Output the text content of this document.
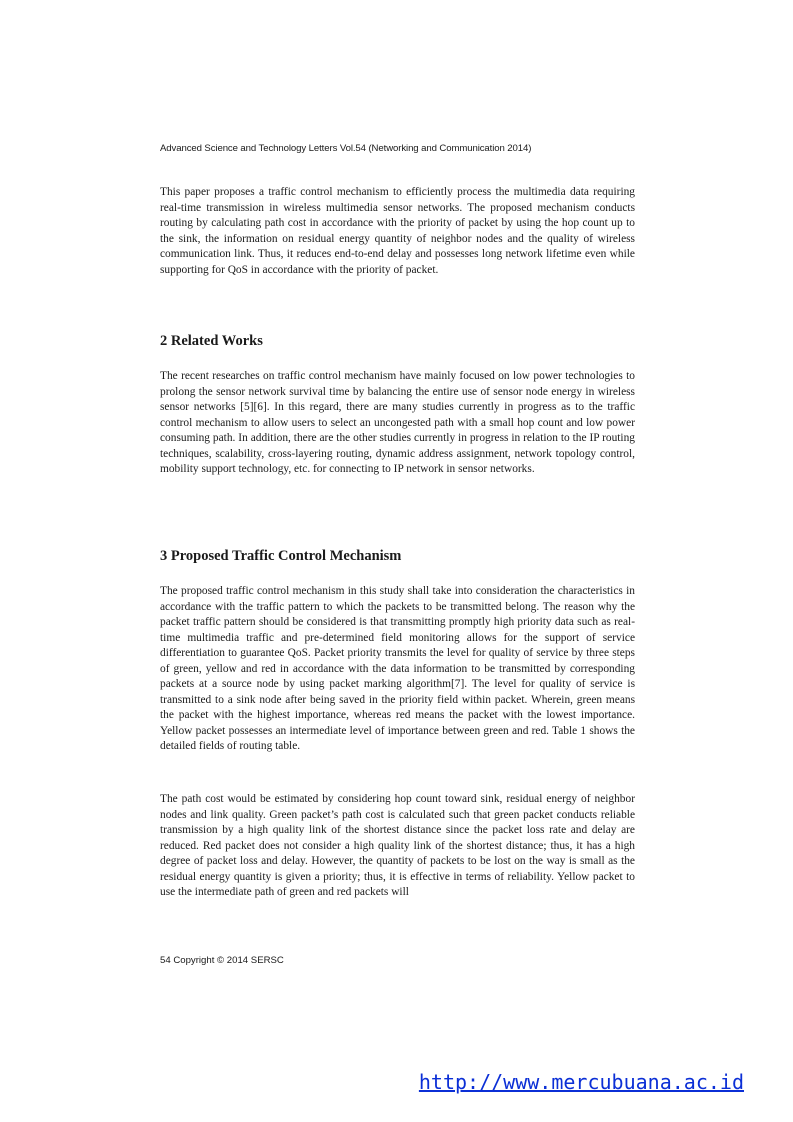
Advanced Science and Technology Letters Vol.54 (Networking and Communication 2014)

This paper proposes a traffic control mechanism to efficiently process the multimedia data requiring real-time transmission in wireless multimedia sensor networks. The proposed mechanism conducts routing by calculating path cost in accordance with the priority of packet by using the hop count up to the sink, the information on residual energy quantity of neighbor nodes and the quality of wireless communication link. Thus, it reduces end-to-end delay and possesses long network lifetime even while supporting for QoS in accordance with the priority of packet.

2 Related Works

The recent researches on traffic control mechanism have mainly focused on low power technologies to prolong the sensor network survival time by balancing the entire use of sensor node energy in wireless sensor networks [5][6]. In this regard, there are many studies currently in progress as to the traffic control mechanism to allow users to select an uncongested path with a small hop count and low power consuming path. In addition, there are the other studies currently in progress in relation to the IP routing techniques, scalability, cross-layering routing, dynamic address assignment, network topology control, mobility support technology, etc. for connecting to IP network in sensor networks.

3 Proposed Traffic Control Mechanism

The proposed traffic control mechanism in this study shall take into consideration the characteristics in accordance with the traffic pattern to which the packets to be transmitted belong. The reason why the packet traffic pattern should be considered is that transmitting promptly high priority data such as real-time multimedia traffic and pre-determined field monitoring allows for the support of service differentiation to guarantee QoS. Packet priority transmits the level for quality of service by three steps of green, yellow and red in accordance with the data information to be transmitted by corresponding packets at a source node by using packet marking algorithm[7]. The level for quality of service is transmitted to a sink node after being saved in the priority field within packet. Wherein, green means the packet with the highest importance, whereas red means the packet with the lowest importance. Yellow packet possesses an intermediate level of importance between green and red. Table 1 shows the detailed fields of routing table.

The path cost would be estimated by considering hop count toward sink, residual energy of neighbor nodes and link quality. Green packet’s path cost is calculated such that green packet conducts reliable transmission by a high quality link of the shortest distance since the packet loss rate and delay are reduced. Red packet does not consider a high quality link of the shortest distance; thus, it has a high degree of packet loss and delay. However, the quantity of packets to be lost on the way is small as the residual energy quantity is given a priority; thus, it is effective in terms of reliability. Yellow packet to use the intermediate path of green and red packets will

54 Copyright © 2014 SERSC
http://www.mercubuana.ac.id
